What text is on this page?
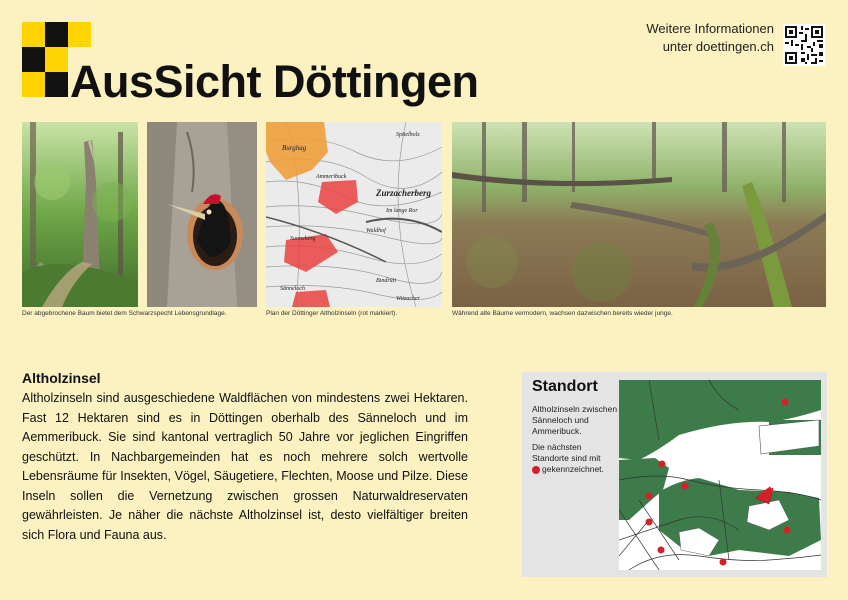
AusSicht Döttingen
Weitere Informationen
unter doettingen.ch
Burghag
Spitelholz
Zurzacherberg
Im lange Ror
Waldhof
Sunneberg
Sänneloch
Bindrüti
Witzacher
Ammeribuck
Der abgebrochene Baum bietet dem Schwarzspecht Lebensgrundlage.	Plan der Döttinger Altholzinseln (rot markiert).	Während alte Bäume vermodern, wachsen dazwischen bereits wieder junge.
Altholzinsel
Altholzinseln sind ausgeschiedene Waldflächen von mindestens zwei Hektaren. Fast 12 Hektaren sind es in Döttingen oberhalb des Sänneloch und im Aemmeribuck. Sie sind kantonal vertraglich 50 Jahre vor jeglichen Eingriffen geschützt. In Nachbargemeinden hat es noch mehrere solch wertvolle Lebensräume für Insekten, Vögel, Säugetiere, Flechten, Moose und Pilze. Diese Inseln sollen die Vernetzung zwischen grossen Naturwaldreservaten gewährleisten. Je näher die nächste Altholzinsel ist, desto vielfältiger breiten sich Flora und Fauna aus.
Standort
Altholzinseln zwischen Sänneloch und Ammeribuck.
Die nächsten Standorte sind mit
gekennzeichnet.
